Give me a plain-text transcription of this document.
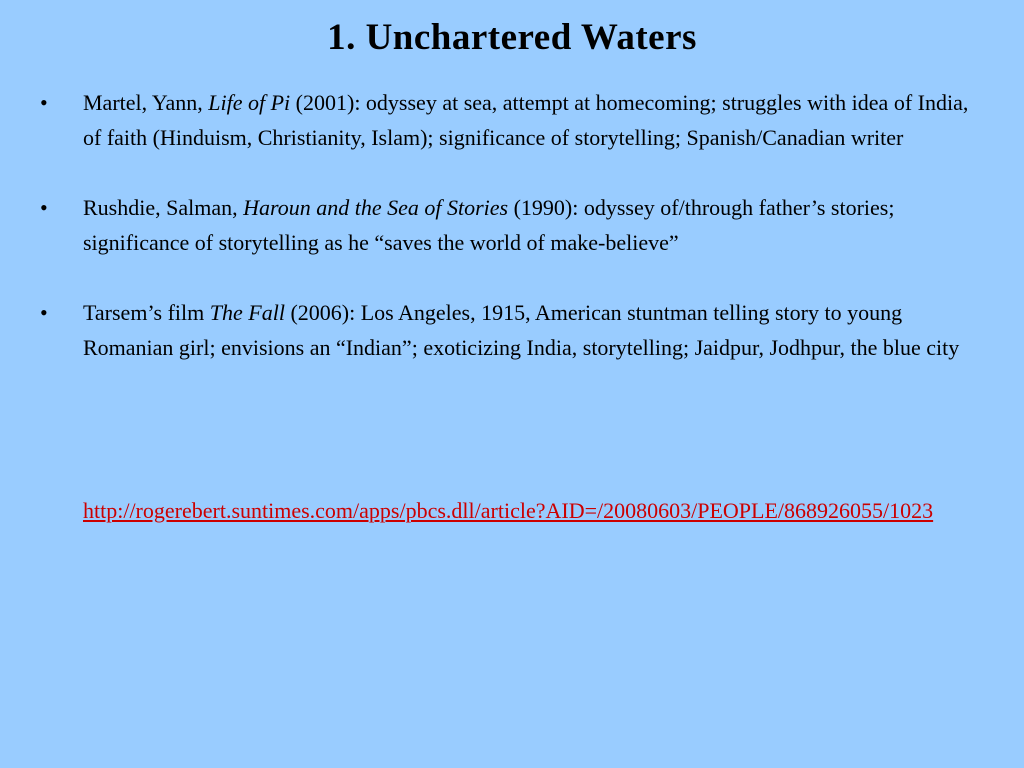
1. Unchartered Waters
•	Martel, Yann, Life of Pi (2001): odyssey at sea, attempt at homecoming; struggles with idea of India, of faith (Hinduism, Christianity, Islam); significance of storytelling; Spanish/Canadian writer
•	Rushdie, Salman, Haroun and the Sea of Stories (1990): odyssey of/through father’s stories; significance of storytelling as he “saves the world of make-believe”
•	Tarsem’s film The Fall (2006): Los Angeles, 1915, American stuntman telling story to young Romanian girl; envisions an “Indian”; exoticizing India, storytelling; Jaidpur, Jodhpur, the blue city
http://rogerebert.suntimes.com/apps/pbcs.dll/article?AID=/20080603/PEOPLE/868926055/1023
